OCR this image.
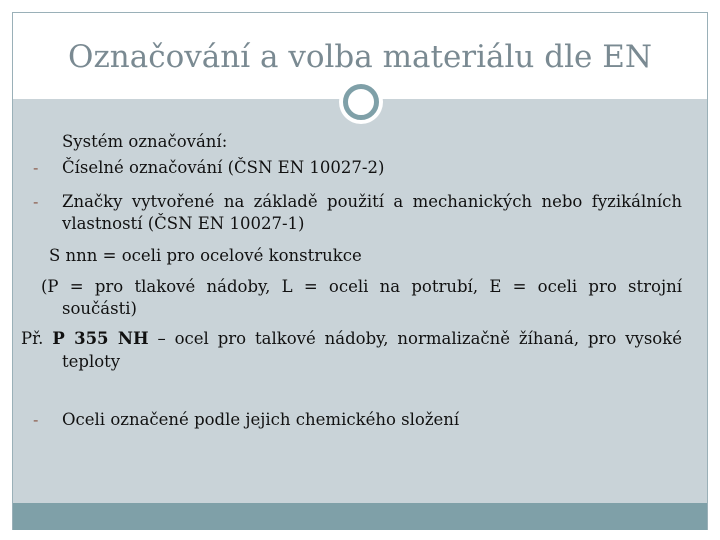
Označování a volba materiálu dle EN
Systém označování:
- Číselné označování (ČSN EN 10027-2)
- Značky vytvořené na základě použití a mechanických nebo fyzikálních
vlastností (ČSN EN 10027-1)
S nnn = oceli pro ocelové konstrukce
(P = pro tlakové nádoby, L = oceli na potrubí, E = oceli pro strojní
součásti)
Př. P 355 NH – ocel pro talkové nádoby, normalizačně žíhaná, pro vysoké
teploty
- Oceli označené podle jejich chemického složení
